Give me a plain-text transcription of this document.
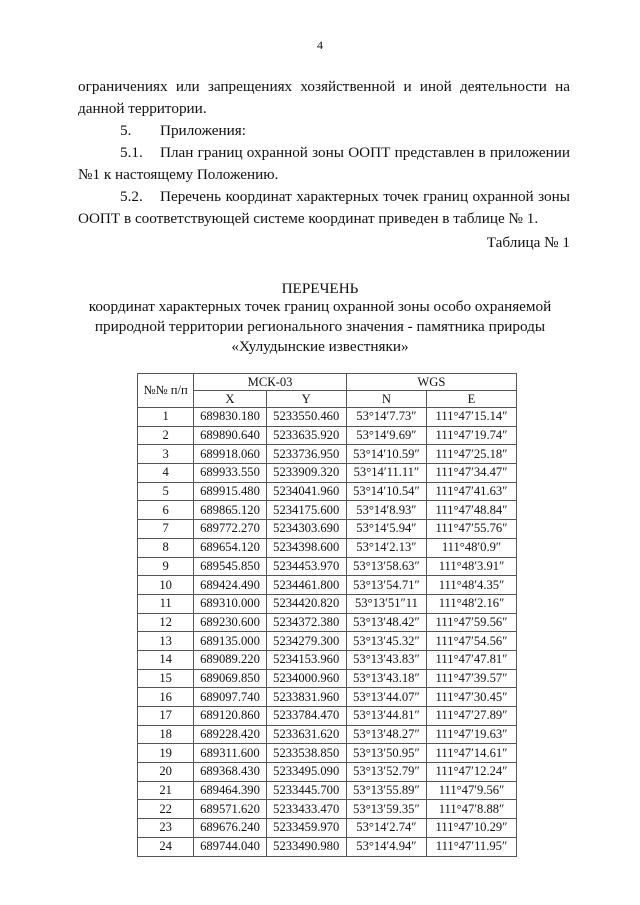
4
ограничениях или запрещениях хозяйственной и иной деятельности на
данной территории.
5. Приложения:
5.1. План границ охранной зоны ООПТ представлен в приложении
№1 к настоящему Положению.
5.2. Перечень координат характерных точек границ охранной зоны
ООПТ в соответствующей системе координат приведен в таблице № 1.
Таблица № 1
ПЕРЕЧЕНЬ
координат характерных точек границ охранной зоны особо охраняемой
природной территории регионального значения - памятника природы
«Хулудынские известняки»
№№ п/п	МСК-03		WGS	
	X	Y	N	E
1	689830.180	5233550.460	53°14′7.73″	111°47′15.14″
2	689890.640	5233635.920	53°14′9.69″	111°47′19.74″
3	689918.060	5233736.950	53°14′10.59″	111°47′25.18″
4	689933.550	5233909.320	53°14′11.11″	111°47′34.47″
5	689915.480	5234041.960	53°14′10.54″	111°47′41.63″
6	689865.120	5234175.600	53°14′8.93″	111°47′48.84″
7	689772.270	5234303.690	53°14′5.94″	111°47′55.76″
8	689654.120	5234398.600	53°14′2.13″	111°48′0.9″
9	689545.850	5234453.970	53°13′58.63″	111°48′3.91″
10	689424.490	5234461.800	53°13′54.71″	111°48′4.35″
11	689310.000	5234420.820	53°13′51″11	111°48′2.16″
12	689230.600	5234372.380	53°13′48.42″	111°47′59.56″
13	689135.000	5234279.300	53°13′45.32″	111°47′54.56″
14	689089.220	5234153.960	53°13′43.83″	111°47′47.81″
15	689069.850	5234000.960	53°13′43.18″	111°47′39.57″
16	689097.740	5233831.960	53°13′44.07″	111°47′30.45″
17	689120.860	5233784.470	53°13′44.81″	111°47′27.89″
18	689228.420	5233631.620	53°13′48.27″	111°47′19.63″
19	689311.600	5233538.850	53°13′50.95″	111°47′14.61″
20	689368.430	5233495.090	53°13′52.79″	111°47′12.24″
21	689464.390	5233445.700	53°13′55.89″	111°47′9.56″
22	689571.620	5233433.470	53°13′59.35″	111°47′8.88″
23	689676.240	5233459.970	53°14′2.74″	111°47′10.29″
24	689744.040	5233490.980	53°14′4.94″	111°47′11.95″
